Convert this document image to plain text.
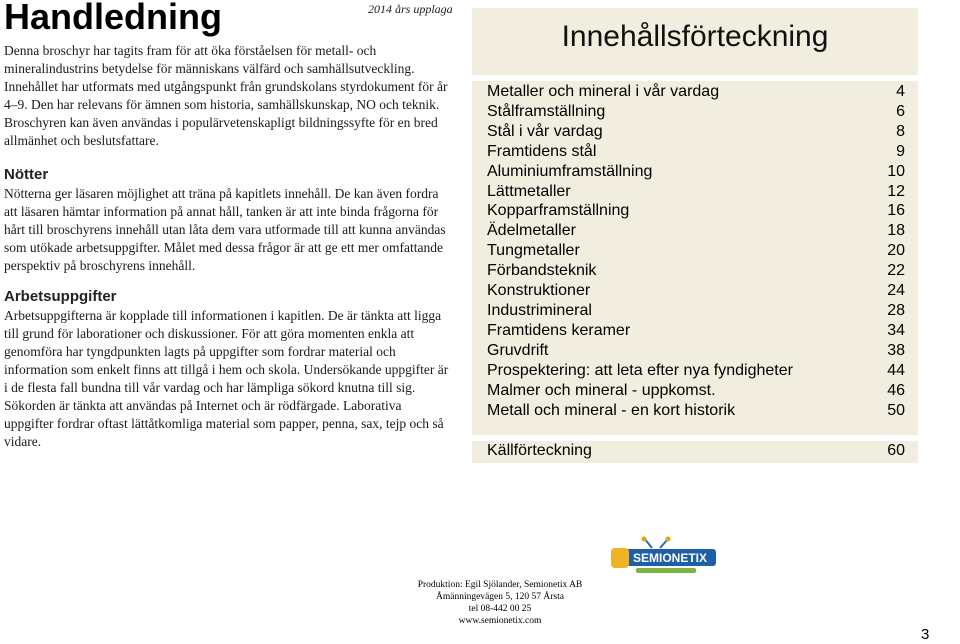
Handledning	2014 års upplaga

Denna broschyr har tagits fram för att öka förståelsen för metall- och mineralindustrins betydelse för människans välfärd och samhällsutveckling. Innehållet har utformats med utgångspunkt från grundskolans styrdokument för år 4–9. Den har relevans för ämnen som historia, samhällskunskap, NO och teknik. Broschyren kan även användas i populärvetenskapligt bildningssyfte för en bred allmänhet och beslutsfattare.

Nötter

Nötterna ger läsaren möjlighet att träna på kapitlets innehåll. De kan även fordra att läsaren hämtar information på annat håll, tanken är att inte binda frågorna för hårt till broschyrens innehåll utan låta dem vara utformade till att kunna användas som utökade arbetsuppgifter. Målet med dessa frågor är att ge ett mer omfattande perspektiv på broschyrens innehåll.

Arbetsuppgifter

Arbetsuppgifterna är kopplade till informationen i kapitlen. De är tänkta att ligga till grund för laborationer och diskussioner. För att göra momenten enkla att genomföra har tyngdpunkten lagts på uppgifter som fordrar material och information som enkelt finns att tillgå i hem och skola. Undersökande uppgifter är i de flesta fall bundna till vår vardag och har lämpliga sökord knutna till sig. Sökorden är tänkta att användas på Internet och är rödfärgade. Laborativa uppgifter fordrar oftast lättåtkomliga material som papper, penna, sax, tejp och så vidare.

Innehållsförteckning
Metaller och mineral i vår vardag	4
Stålframställning	6
Stål i vår vardag	8
Framtidens stål	9
Aluminiumframställning	10
Lättmetaller	12
Kopparframställning	16
Ädelmetaller	18
Tungmetaller	20
Förbandsteknik	22
Konstruktioner	24
Industrimineral	28
Framtidens keramer	34
Gruvdrift	38
Prospektering: att leta efter nya fyndigheter	44
Malmer och mineral - uppkomst.	46
Metall och mineral - en kort historik	50
Källförteckning	60
SEMIONETIX
Produktion: Egil Sjölander, Semionetix AB
Åmänningevägen 5, 120 57 Årsta
tel 08-442 00 25
www.semionetix.com
3
